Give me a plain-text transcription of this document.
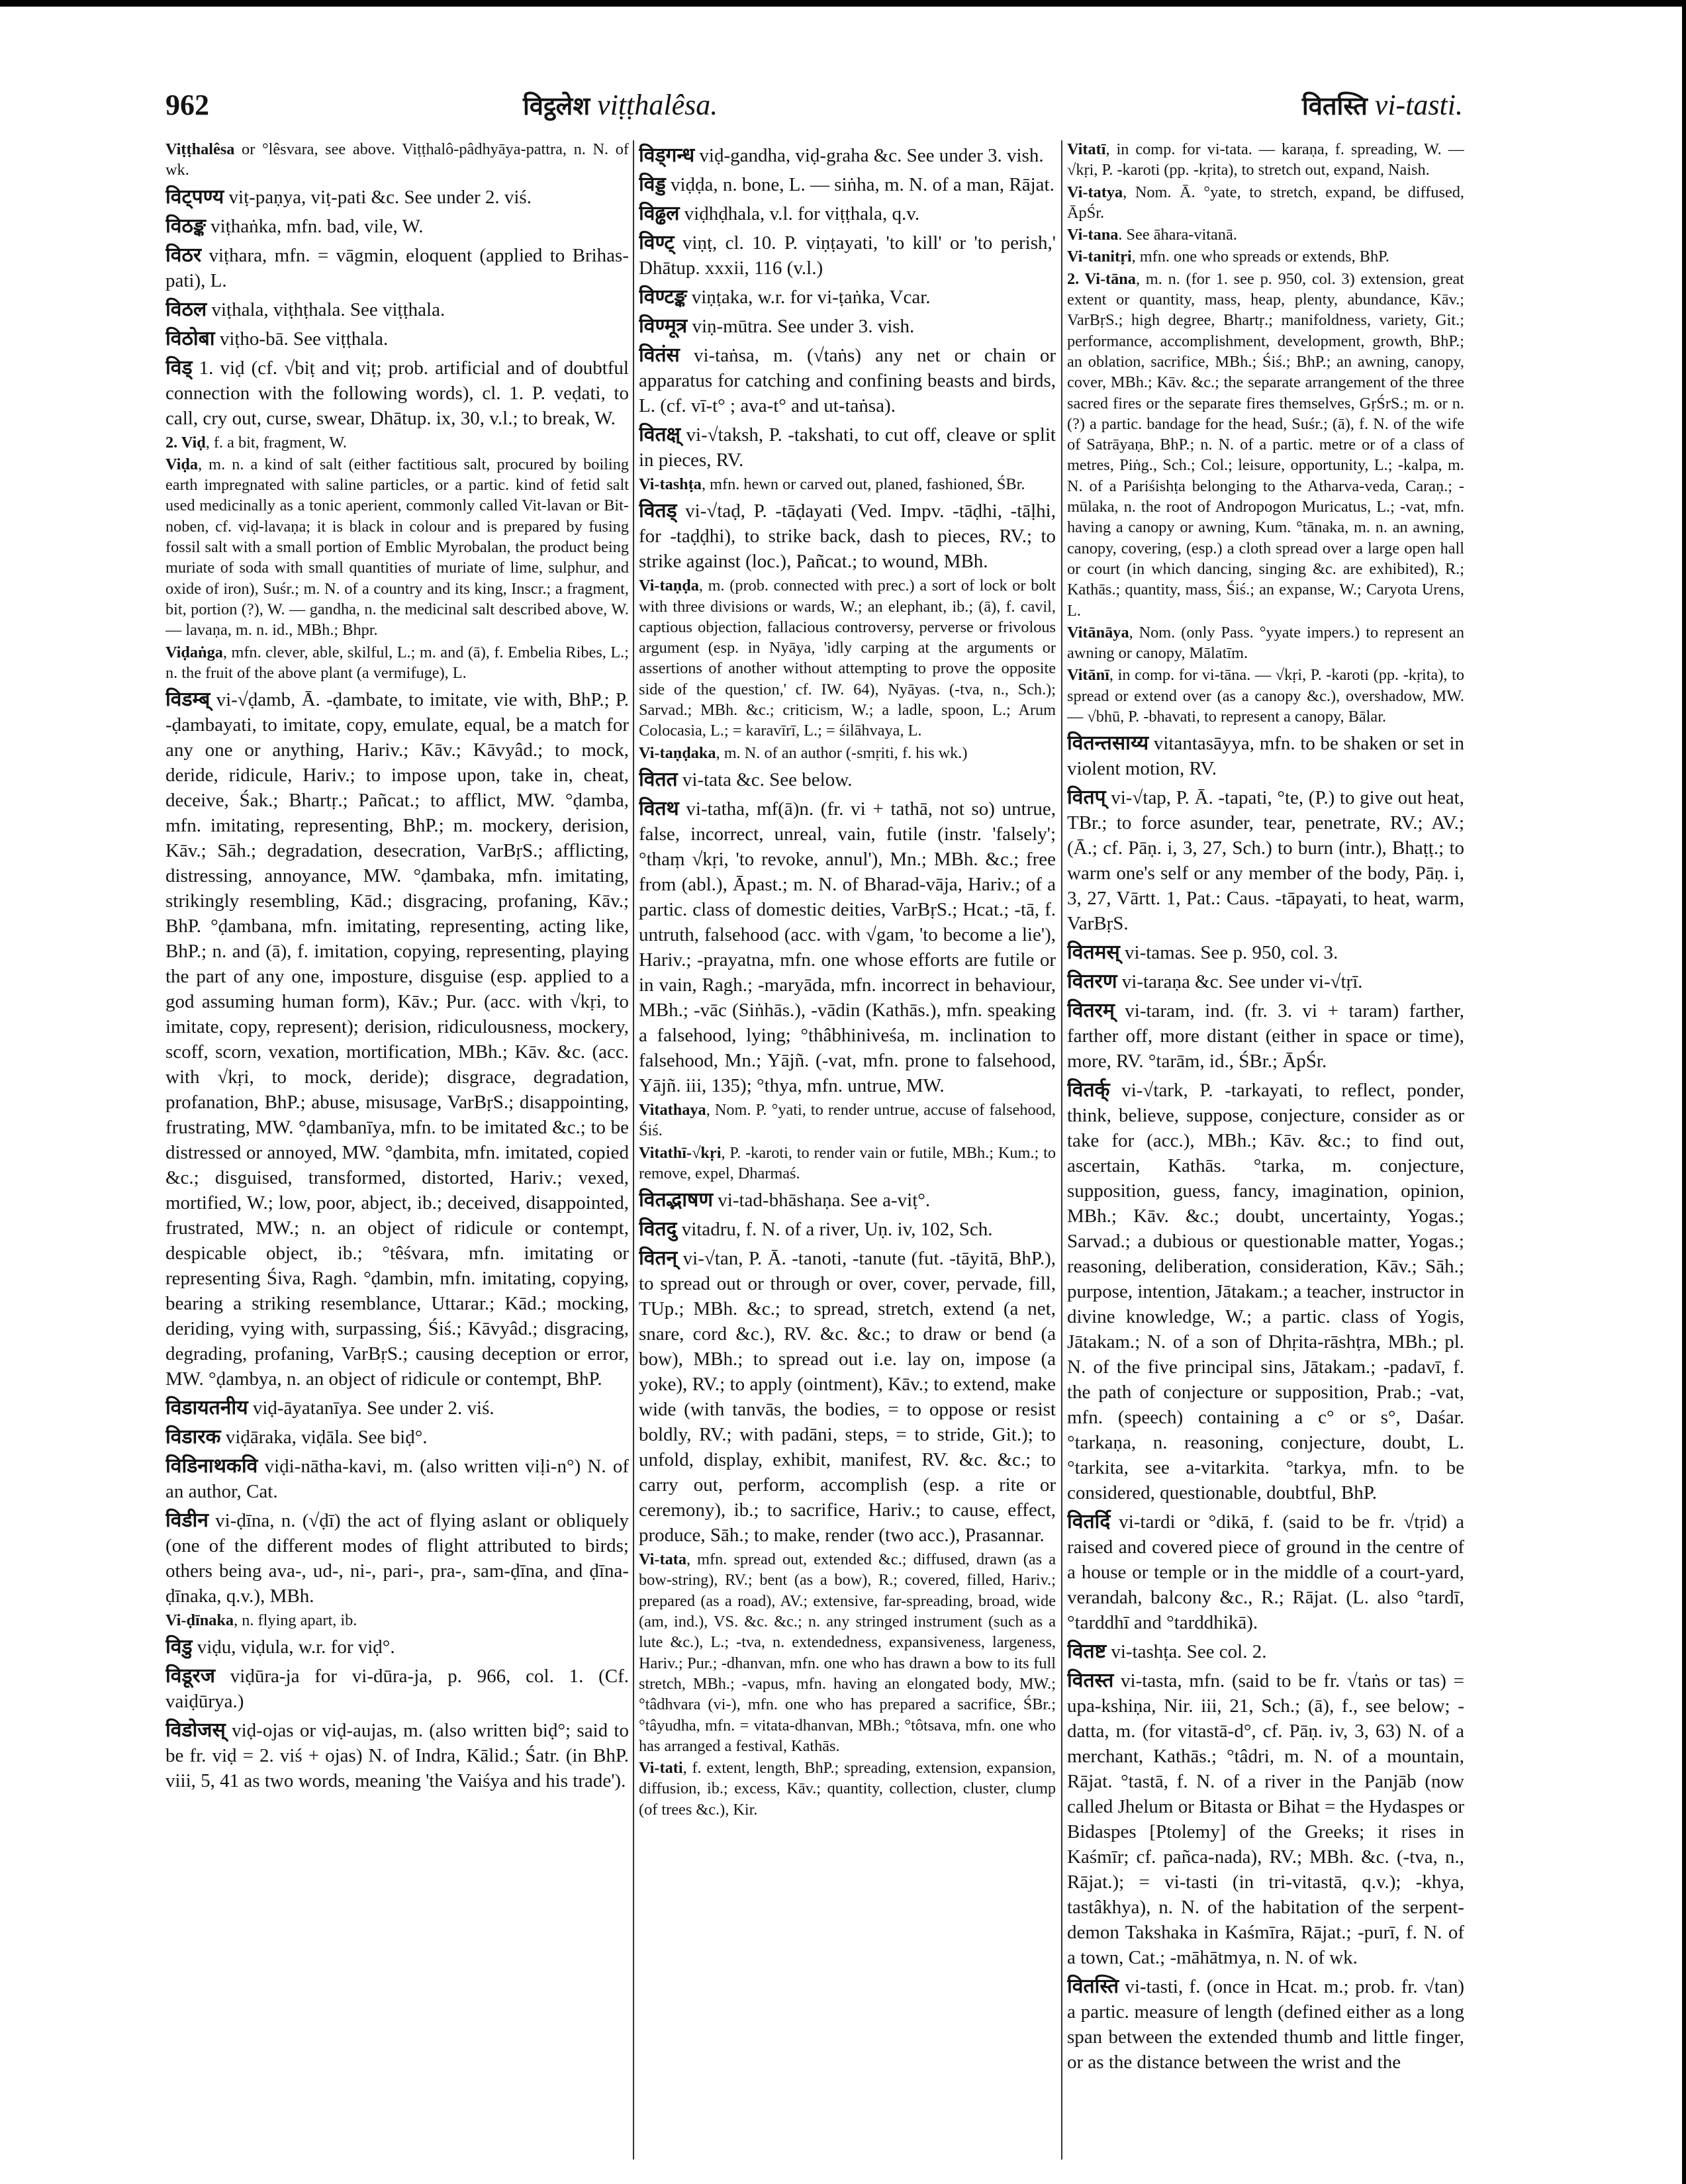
962	विट्ठलेश viṭṭhalêsa.	वितस्ति vi-tasti.

Viṭṭhalêsa or °lêsvara, see above. Viṭṭhalô-pâdhyāya-pattra, n. N. of wk.

विट्पण्य viṭ-paṇya, viṭ-pati &c. See under 2. viś.

विठङ्क viṭhaṅka, mfn. bad, vile, W.

विठर viṭhara, mfn. = vāgmin, eloquent (applied to Brihas-pati), L.

विठल viṭhala, viṭhṭhala. See viṭṭhala.

विठोबा viṭho-bā. See viṭṭhala.

विड् 1. viḍ (cf. √biṭ and viṭ; prob. artificial and of doubtful connection with the following words), cl. 1. P. veḍati, to call, cry out, curse, swear, Dhātup. ix, 30, v.l.; to break, W.

2. Viḍ, f. a bit, fragment, W.

Viḍa, m. n. a kind of salt (either factitious salt, procured by boiling earth impregnated with saline particles, or a partic. kind of fetid salt used medicinally as a tonic aperient, commonly called Vit-lavan or Bit-noben, cf. viḍ-lavaṇa; it is black in colour and is prepared by fusing fossil salt with a small portion of Emblic Myrobalan, the product being muriate of soda with small quantities of muriate of lime, sulphur, and oxide of iron), Suśr.; m. N. of a country and its king, Inscr.; a fragment, bit, portion (?), W. — gandha, n. the medicinal salt described above, W. — lavaṇa, m. n. id., MBh.; Bhpr.

Viḍaṅga, mfn. clever, able, skilful, L.; m. and (ā), f. Embelia Ribes, L.; n. the fruit of the above plant (a vermifuge), L.

विडम्ब् vi-√ḍamb, Ā. -ḍambate, to imitate, vie with, BhP.; P. -ḍambayati, to imitate, copy, emulate, equal, be a match for any one or anything, Hariv.; Kāv.; Kāvyâd.; to mock, deride, ridicule, Hariv.; to impose upon, take in, cheat, deceive, Śak.; Bhartṛ.; Pañcat.; to afflict, MW. °ḍamba, mfn. imitating, representing, BhP.; m. mockery, derision, Kāv.; Sāh.; degradation, desecration, VarBṛS.; afflicting, distressing, annoyance, MW. °ḍambaka, mfn. imitating, strikingly resembling, Kād.; disgracing, profaning, Kāv.; BhP. °ḍambana, mfn. imitating, representing, acting like, BhP.; n. and (ā), f. imitation, copying, representing, playing the part of any one, imposture, disguise (esp. applied to a god assuming human form), Kāv.; Pur. (acc. with √kṛi, to imitate, copy, represent); derision, ridiculousness, mockery, scoff, scorn, vexation, mortification, MBh.; Kāv. &c. (acc. with √kṛi, to mock, deride); disgrace, degradation, profanation, BhP.; abuse, misusage, VarBṛS.; disappointing, frustrating, MW. °ḍambanīya, mfn. to be imitated &c.; to be distressed or annoyed, MW. °ḍambita, mfn. imitated, copied &c.; disguised, transformed, distorted, Hariv.; vexed, mortified, W.; low, poor, abject, ib.; deceived, disappointed, frustrated, MW.; n. an object of ridicule or contempt, despicable object, ib.; °têśvara, mfn. imitating or representing Śiva, Ragh. °ḍambin, mfn. imitating, copying, bearing a striking resemblance, Uttarar.; Kād.; mocking, deriding, vying with, surpassing, Śiś.; Kāvyâd.; disgracing, degrading, profaning, VarBṛS.; causing deception or error, MW. °ḍambya, n. an object of ridicule or contempt, BhP.

विडायतनीय viḍ-āyatanīya. See under 2. viś.

विडारक viḍāraka, viḍāla. See biḍ°.

विडिनाथकवि viḍi-nātha-kavi, m. (also written viḷi-n°) N. of an author, Cat.

विडीन vi-ḍīna, n. (√ḍī) the act of flying aslant or obliquely (one of the different modes of flight attributed to birds; others being ava-, ud-, ni-, pari-, pra-, sam-ḍīna, and ḍīna-ḍīnaka, q.v.), MBh.

Vi-ḍīnaka, n. flying apart, ib.

विडु viḍu, viḍula, w.r. for viḍ°.

विडूरज viḍūra-ja for vi-dūra-ja, p. 966, col. 1. (Cf. vaiḍūrya.)

विडोजस् viḍ-ojas or viḍ-aujas, m. (also written biḍ°; said to be fr. viḍ = 2. viś + ojas) N. of Indra, Kālid.; Śatr. (in BhP. viii, 5, 41 as two words, meaning 'the Vaiśya and his trade').

विड्गन्ध viḍ-gandha, viḍ-graha &c. See under 3. vish.

विड्ड viḍḍa, n. bone, L. — siṅha, m. N. of a man, Rājat.

विढ्ढल viḍhḍhala, v.l. for viṭṭhala, q.v.

विण्ट् viṇṭ, cl. 10. P. viṇṭayati, 'to kill' or 'to perish,' Dhātup. xxxii, 116 (v.l.)

विण्टङ्क viṇṭaka, w.r. for vi-ṭaṅka, Vcar.

विण्मूत्र viṇ-mūtra. See under 3. vish.

वितंस vi-taṅsa, m. (√taṅs) any net or chain or apparatus for catching and confining beasts and birds, L. (cf. vī-t° ; ava-t° and ut-taṅsa).

वितक्ष् vi-√taksh, P. -takshati, to cut off, cleave or split in pieces, RV.

Vi-tashṭa, mfn. hewn or carved out, planed, fashioned, ŚBr.

वितड् vi-√taḍ, P. -tāḍayati (Ved. Impv. -tāḍhi, -tāḷhi, for -taḍḍhi), to strike back, dash to pieces, RV.; to strike against (loc.), Pañcat.; to wound, MBh.

Vi-taṇḍa, m. (prob. connected with prec.) a sort of lock or bolt with three divisions or wards, W.; an elephant, ib.; (ā), f. cavil, captious objection, fallacious controversy, perverse or frivolous argument (esp. in Nyāya, 'idly carping at the arguments or assertions of another without attempting to prove the opposite side of the question,' cf. IW. 64), Nyāyas. (-tva, n., Sch.); Sarvad.; MBh. &c.; criticism, W.; a ladle, spoon, L.; Arum Colocasia, L.; = karavīrī, L.; = śilāhvaya, L.

Vi-taṇḍaka, m. N. of an author (-smṛiti, f. his wk.)

वितत vi-tata &c. See below.

वितथ vi-tatha, mf(ā)n. (fr. vi + tathā, not so) untrue, false, incorrect, unreal, vain, futile (instr. 'falsely'; °thaṃ √kṛi, 'to revoke, annul'), Mn.; MBh. &c.; free from (abl.), Āpast.; m. N. of Bharad-vāja, Hariv.; of a partic. class of domestic deities, VarBṛS.; Hcat.; -tā, f. untruth, falsehood (acc. with √gam, 'to become a lie'), Hariv.; -prayatna, mfn. one whose efforts are futile or in vain, Ragh.; -maryāda, mfn. incorrect in behaviour, MBh.; -vāc (Siṅhās.), -vādin (Kathās.), mfn. speaking a falsehood, lying; °thâbhiniveśa, m. inclination to falsehood, Mn.; Yājñ. (-vat, mfn. prone to falsehood, Yājñ. iii, 135); °thya, mfn. untrue, MW.

Vitathaya, Nom. P. °yati, to render untrue, accuse of falsehood, Śiś.

Vitathī-√kṛi, P. -karoti, to render vain or futile, MBh.; Kum.; to remove, expel, Dharmaś.

वितद्भाषण vi-tad-bhāshaṇa. See a-viṭ°.

वितदु vitadru, f. N. of a river, Uṇ. iv, 102, Sch.

वितन् vi-√tan, P. Ā. -tanoti, -tanute (fut. -tāyitā, BhP.), to spread out or through or over, cover, pervade, fill, TUp.; MBh. &c.; to spread, stretch, extend (a net, snare, cord &c.), RV. &c. &c.; to draw or bend (a bow), MBh.; to spread out i.e. lay on, impose (a yoke), RV.; to apply (ointment), Kāv.; to extend, make wide (with tanvās, the bodies, = to oppose or resist boldly, RV.; with padāni, steps, = to stride, Git.); to unfold, display, exhibit, manifest, RV. &c. &c.; to carry out, perform, accomplish (esp. a rite or ceremony), ib.; to sacrifice, Hariv.; to cause, effect, produce, Sāh.; to make, render (two acc.), Prasannar.

Vi-tata, mfn. spread out, extended &c.; diffused, drawn (as a bow-string), RV.; bent (as a bow), R.; covered, filled, Hariv.; prepared (as a road), AV.; extensive, far-spreading, broad, wide (am, ind.), VS. &c. &c.; n. any stringed instrument (such as a lute &c.), L.; -tva, n. extendedness, expansiveness, largeness, Hariv.; Pur.; -dhanvan, mfn. one who has drawn a bow to its full stretch, MBh.; -vapus, mfn. having an elongated body, MW.; °tâdhvara (vi-), mfn. one who has prepared a sacrifice, ŚBr.; °tâyudha, mfn. = vitata-dhanvan, MBh.; °tôtsava, mfn. one who has arranged a festival, Kathās.

Vi-tati, f. extent, length, BhP.; spreading, extension, expansion, diffusion, ib.; excess, Kāv.; quantity, collection, cluster, clump (of trees &c.), Kir.

Vitatī, in comp. for vi-tata. — karaṇa, f. spreading, W. — √kṛi, P. -karoti (pp. -kṛita), to stretch out, expand, Naish.

Vi-tatya, Nom. Ā. °yate, to stretch, expand, be diffused, ĀpŚr.

Vi-tana. See āhara-vitanā.

Vi-tanitṛi, mfn. one who spreads or extends, BhP.

2. Vi-tāna, m. n. (for 1. see p. 950, col. 3) extension, great extent or quantity, mass, heap, plenty, abundance, Kāv.; VarBṛS.; high degree, Bhartṛ.; manifoldness, variety, Git.; performance, accomplishment, development, growth, BhP.; an oblation, sacrifice, MBh.; Śiś.; BhP.; an awning, canopy, cover, MBh.; Kāv. &c.; the separate arrangement of the three sacred fires or the separate fires themselves, GṛŚrS.; m. or n. (?) a partic. bandage for the head, Suśr.; (ā), f. N. of the wife of Satrāyaṇa, BhP.; n. N. of a partic. metre or of a class of metres, Piṅg., Sch.; Col.; leisure, opportunity, L.; -kalpa, m. N. of a Pariśishṭa belonging to the Atharva-veda, Caraṇ.; -mūlaka, n. the root of Andropogon Muricatus, L.; -vat, mfn. having a canopy or awning, Kum. °tānaka, m. n. an awning, canopy, covering, (esp.) a cloth spread over a large open hall or court (in which dancing, singing &c. are exhibited), R.; Kathās.; quantity, mass, Śiś.; an expanse, W.; Caryota Urens, L.

Vitānāya, Nom. (only Pass. °yyate impers.) to represent an awning or canopy, Mālatīm.

Vitānī, in comp. for vi-tāna. — √kṛi, P. -karoti (pp. -kṛita), to spread or extend over (as a canopy &c.), overshadow, MW. — √bhū, P. -bhavati, to represent a canopy, Bālar.

वितन्तसाय्य vitantasāyya, mfn. to be shaken or set in violent motion, RV.

वितप् vi-√tap, P. Ā. -tapati, °te, (P.) to give out heat, TBr.; to force asunder, tear, penetrate, RV.; AV.; (Ā.; cf. Pāṇ. i, 3, 27, Sch.) to burn (intr.), Bhaṭṭ.; to warm one's self or any member of the body, Pāṇ. i, 3, 27, Vārtt. 1, Pat.: Caus. -tāpayati, to heat, warm, VarBṛS.

वितमस् vi-tamas. See p. 950, col. 3.

वितरण vi-taraṇa &c. See under vi-√tṛī.

वितरम् vi-taram, ind. (fr. 3. vi + taram) farther, farther off, more distant (either in space or time), more, RV. °tarām, id., ŚBr.; ĀpŚr.

वितर्क् vi-√tark, P. -tarkayati, to reflect, ponder, think, believe, suppose, conjecture, consider as or take for (acc.), MBh.; Kāv. &c.; to find out, ascertain, Kathās. °tarka, m. conjecture, supposition, guess, fancy, imagination, opinion, MBh.; Kāv. &c.; doubt, uncertainty, Yogas.; Sarvad.; a dubious or questionable matter, Yogas.; reasoning, deliberation, consideration, Kāv.; Sāh.; purpose, intention, Jātakam.; a teacher, instructor in divine knowledge, W.; a partic. class of Yogis, Jātakam.; N. of a son of Dhṛita-rāshṭra, MBh.; pl. N. of the five principal sins, Jātakam.; -padavī, f. the path of conjecture or supposition, Prab.; -vat, mfn. (speech) containing a c° or s°, Daśar. °tarkaṇa, n. reasoning, conjecture, doubt, L. °tarkita, see a-vitarkita. °tarkya, mfn. to be considered, questionable, doubtful, BhP.

वितर्दि vi-tardi or °dikā, f. (said to be fr. √tṛid) a raised and covered piece of ground in the centre of a house or temple or in the middle of a court-yard, verandah, balcony &c., R.; Rājat. (L. also °tardī, °tarddhī and °tarddhikā).

वितष्ट vi-tashṭa. See col. 2.

वितस्त vi-tasta, mfn. (said to be fr. √taṅs or tas) = upa-kshiṇa, Nir. iii, 21, Sch.; (ā), f., see below; -datta, m. (for vitastā-d°, cf. Pāṇ. iv, 3, 63) N. of a merchant, Kathās.; °tâdri, m. N. of a mountain, Rājat. °tastā, f. N. of a river in the Panjāb (now called Jhelum or Bitasta or Bihat = the Hydaspes or Bidaspes [Ptolemy] of the Greeks; it rises in Kaśmīr; cf. pañca-nada), RV.; MBh. &c. (-tva, n., Rājat.); = vi-tasti (in tri-vitastā, q.v.); -khya, tastâkhya), n. N. of the habitation of the serpent-demon Takshaka in Kaśmīra, Rājat.; -purī, f. N. of a town, Cat.; -māhātmya, n. N. of wk.

वितस्ति vi-tasti, f. (once in Hcat. m.; prob. fr. √tan) a partic. measure of length (defined either as a long span between the extended thumb and little finger, or as the distance between the wrist and the
